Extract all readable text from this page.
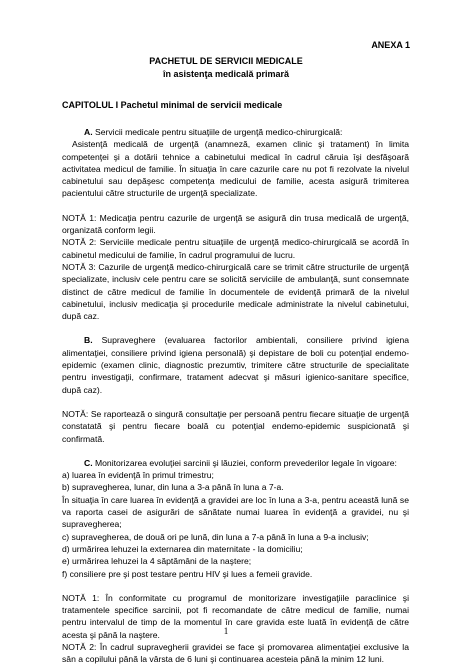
ANEXA 1
PACHETUL DE SERVICII MEDICALE
în asistenţa medicală primară
CAPITOLUL I Pachetul minimal de servicii medicale

A. Servicii medicale pentru situaţiile de urgenţă medico-chirurgicală:

Asistenţă medicală de urgenţă (anamneză, examen clinic şi tratament) în limita competenţei şi a dotării tehnice a cabinetului medical în cadrul căruia îşi desfăşoară activitatea medicul de familie. În situaţia în care cazurile care nu pot fi rezolvate la nivelul cabinetului sau depăşesc competenţa medicului de familie, acesta asigură trimiterea pacientului către structurile de urgenţă specializate.

NOTĂ 1: Medicaţia pentru cazurile de urgenţă se asigură din trusa medicală de urgenţă, organizată conform legii.

NOTĂ 2: Serviciile medicale pentru situaţiile de urgenţă medico-chirurgicală se acordă în cabinetul medicului de familie, în cadrul programului de lucru.

NOTĂ 3: Cazurile de urgenţă medico-chirurgicală care se trimit către structurile de urgenţă specializate, inclusiv cele pentru care se solicită serviciile de ambulanţă, sunt consemnate distinct de către medicul de familie în documentele de evidenţă primară de la nivelul cabinetului, inclusiv medicaţia şi procedurile medicale administrate la nivelul cabinetului, după caz.

B. Supraveghere (evaluarea factorilor ambientali, consiliere privind igiena alimentaţiei, consiliere privind igiena personală) şi depistare de boli cu potenţial endemo-epidemic (examen clinic, diagnostic prezumtiv, trimitere către structurile de specialitate pentru investigaţii, confirmare, tratament adecvat şi măsuri igienico-sanitare specifice, după caz).

NOTĂ: Se raportează o singură consultaţie per persoană pentru fiecare situaţie de urgenţă constatată şi pentru fiecare boală cu potenţial endemo-epidemic suspicionată şi confirmată.

C. Monitorizarea evoluţiei sarcinii şi lăuziei, conform prevederilor legale în vigoare:

a) luarea în evidenţă în primul trimestru;

b) supravegherea, lunar, din luna a 3-a până în luna a 7-a.

În situaţia în care luarea în evidenţă a gravidei are loc în luna a 3-a, pentru această lună se va raporta casei de asigurări de sănătate numai luarea în evidenţă a gravidei, nu şi supravegherea;

c) supravegherea, de două ori pe lună, din luna a 7-a până în luna a 9-a inclusiv;

d) urmărirea lehuzei la externarea din maternitate - la domiciliu;

e) urmărirea lehuzei la 4 săptămâni de la naştere;

f) consiliere pre şi post testare pentru HIV şi lues a femeii gravide.

NOTĂ 1: În conformitate cu programul de monitorizare investigaţiile paraclinice şi tratamentele specifice sarcinii, pot fi recomandate de către medicul de familie, numai pentru intervalul de timp de la momentul în care gravida este luată în evidenţă de către acesta şi până la naştere.

NOTĂ 2: În cadrul supravegherii gravidei se face şi promovarea alimentaţiei exclusive la sân a copilului până la vârsta de 6 luni şi continuarea acesteia până la minim 12 luni.

1
